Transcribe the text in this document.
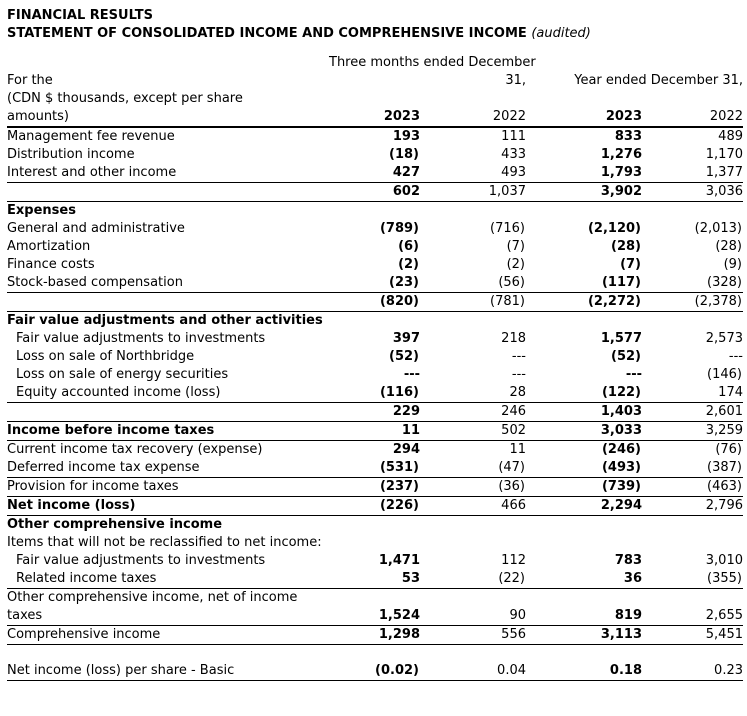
FINANCIAL RESULTS
STATEMENT OF CONSOLIDATED INCOME AND COMPREHENSIVE INCOME (audited)
	Three months ended December			
For the	31,		Year ended December 31,	
(CDN $ thousands, except per share				
amounts)	2023	2022	2023	2022
Management fee revenue	193	111	833	489
Distribution income	(18)	433	1,276	1,170
Interest and other income	427	493	1,793	1,377
	602	1,037	3,902	3,036
Expenses				
General and administrative	(789)	(716)	(2,120)	(2,013)
Amortization	(6)	(7)	(28)	(28)
Finance costs	(2)	(2)	(7)	(9)
Stock-based compensation	(23)	(56)	(117)	(328)
	(820)	(781)	(2,272)	(2,378)
Fair value adjustments and other activities				
Fair value adjustments to investments	397	218	1,577	2,573
Loss on sale of Northbridge	(52)	---	(52)	---
Loss on sale of energy securities	---	---	---	(146)
Equity accounted income (loss)	(116)	28	(122)	174
	229	246	1,403	2,601
Income before income taxes	11	502	3,033	3,259
Current income tax recovery (expense)	294	11	(246)	(76)
Deferred income tax expense	(531)	(47)	(493)	(387)
Provision for income taxes	(237)	(36)	(739)	(463)
Net income (loss)	(226)	466	2,294	2,796
Other comprehensive income				
Items that will not be reclassified to net income:				
Fair value adjustments to investments	1,471	112	783	3,010
Related income taxes	53	(22)	36	(355)
Other comprehensive income, net of income taxes	1,524	90	819	2,655
Comprehensive income	1,298	556	3,113	5,451

Net income (loss) per share - Basic	(0.02)	0.04	0.18	0.23
